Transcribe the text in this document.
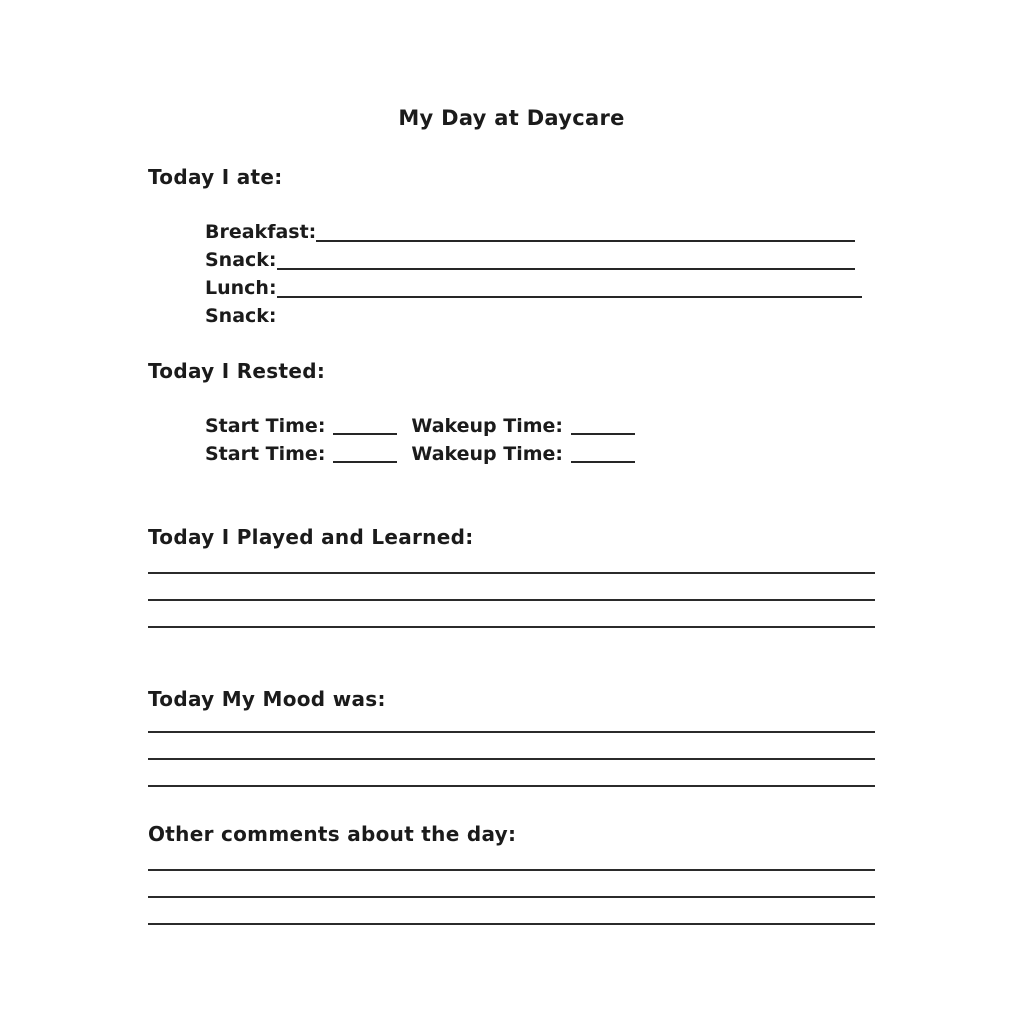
My Day at Daycare
Today I ate:
Breakfast:
Snack:
Lunch:
Snack:
Today I Rested:
Start Time:	Wakeup Time:
Start Time:	Wakeup Time:
Today I Played and Learned:
Today My Mood was:
Other comments about the day:
